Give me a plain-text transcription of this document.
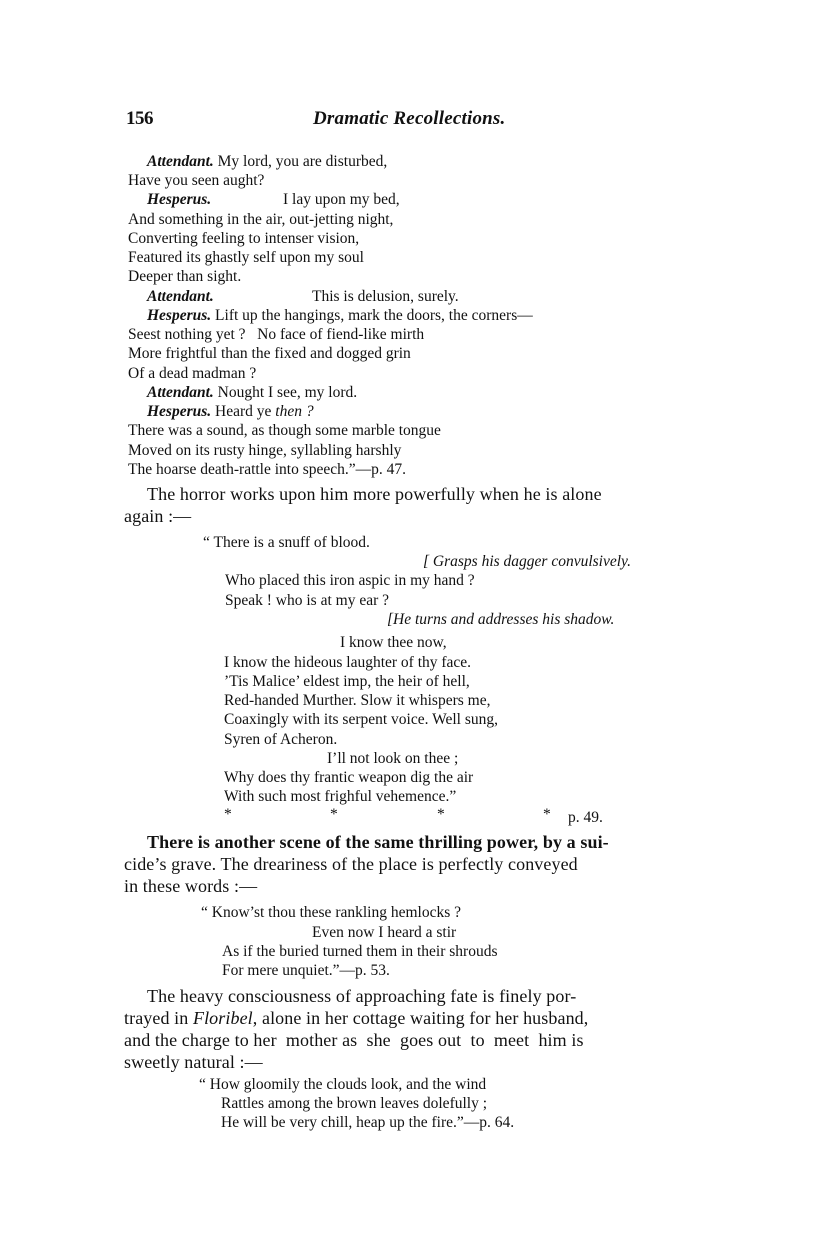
156	Dramatic Recollections.
Attendant. My lord, you are disturbed,
Have you seen aught?
Hesperus.	I lay upon my bed,
And something in the air, out-jetting night,
Converting feeling to intenser vision,
Featured its ghastly self upon my soul
Deeper than sight.
Attendant.	This is delusion, surely.
Hesperus. Lift up the hangings, mark the doors, the corners—
Seest nothing yet ?   No face of fiend-like mirth
More frightful than the fixed and dogged grin
Of a dead madman ?
Attendant. Nought I see, my lord.
Hesperus. Heard ye then ?
There was a sound, as though some marble tongue
Moved on its rusty hinge, syllabling harshly
The hoarse death-rattle into speech.”—p. 47.
The horror works upon him more powerfully when he is alone
again :—
“ There is a snuff of blood.
[ Grasps his dagger convulsively.
Who placed this iron aspic in my hand ?
Speak ! who is at my ear ?
[He turns and addresses his shadow.
I know thee now,
I know the hideous laughter of thy face.
’Tis Malice’ eldest imp, the heir of hell,
Red-handed Murther. Slow it whispers me,
Coaxingly with its serpent voice. Well sung,
Syren of Acheron.
I’ll not look on thee ;
Why does thy frantic weapon dig the air
With such most frighful vehemence.”
*	*	*	* p. 49.
There is another scene of the same thrilling power, by a sui-
cide’s grave. The dreariness of the place is perfectly conveyed
in these words :—
“ Know’st thou these rankling hemlocks ?
Even now I heard a stir
As if the buried turned them in their shrouds
For mere unquiet.”—p. 53.
The heavy consciousness of approaching fate is finely por-
trayed in Floribel, alone in her cottage waiting for her husband,
and the charge to her  mother as  she  goes out  to  meet  him is
sweetly natural :—
“ How gloomily the clouds look, and the wind
Rattles among the brown leaves dolefully ;
He will be very chill, heap up the fire.”—p. 64.
